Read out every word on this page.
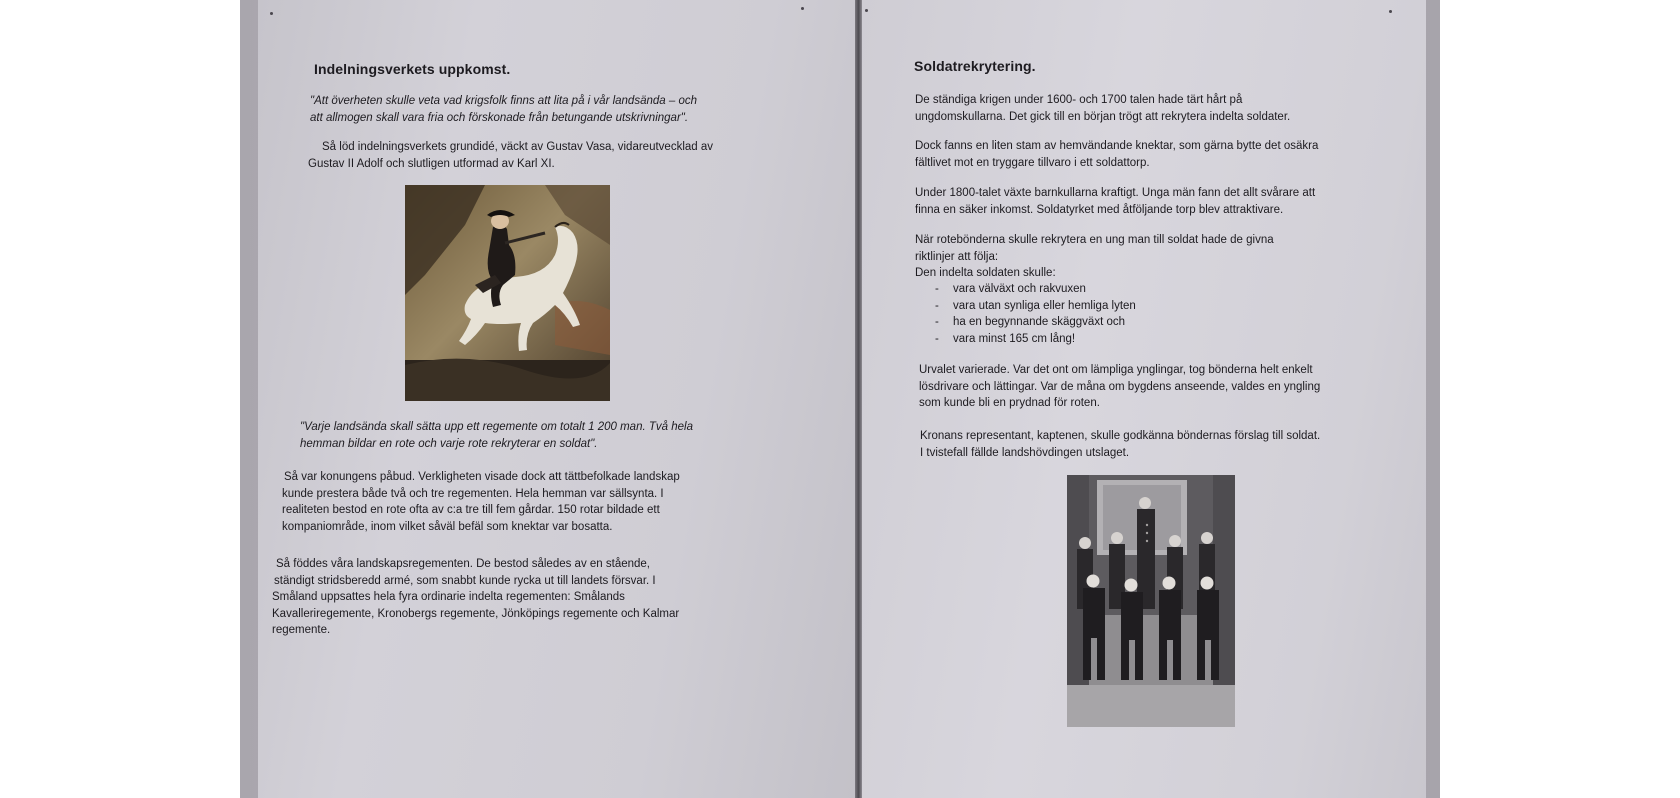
Indelningsverkets uppkomst.
"Att överheten skulle veta vad krigsfolk finns att lita på i vår landsända – och
att allmogen skall vara fria och förskonade från betungande utskrivningar".
Så löd indelningsverkets grundidé, väckt av Gustav Vasa, vidareutvecklad av
Gustav II Adolf och slutligen utformad av Karl XI.
"Varje landsända skall sätta upp ett regemente om totalt 1 200 man. Två hela
hemman bildar en rote och varje rote rekryterar en soldat".
Så var konungens påbud. Verkligheten visade dock att tättbefolkade landskap
kunde prestera både två och tre regementen. Hela hemman var sällsynta. I
realiteten bestod en rote ofta av c:a tre till fem gårdar. 150 rotar bildade ett
kompaniområde, inom vilket såväl befäl som knektar var bosatta.
Så föddes våra landskapsregementen. De bestod således av en stående,
ständigt stridsberedd armé, som snabbt kunde rycka ut till landets försvar. I
Småland uppsattes hela fyra ordinarie indelta regementen: Smålands
Kavalleriregemente, Kronobergs regemente, Jönköpings regemente och Kalmar
regemente.
Soldatrekrytering.
De ständiga krigen under 1600- och 1700 talen hade tärt hårt på
ungdomskullarna. Det gick till en början trögt att rekrytera indelta soldater.
Dock fanns en liten stam av hemvändande knektar, som gärna bytte det osäkra
fältlivet mot en tryggare tillvaro i ett soldattorp.
Under 1800-talet växte barnkullarna kraftigt. Unga män fann det allt svårare att
finna en säker inkomst. Soldatyrket med åtföljande torp blev attraktivare.
När rotebönderna skulle rekrytera en ung man till soldat hade de givna
riktlinjer att följa:
Den indelta soldaten skulle:
- vara välväxt och rakvuxen
- vara utan synliga eller hemliga lyten
- ha en begynnande skäggväxt och
- vara minst 165 cm lång!
Urvalet varierade. Var det ont om lämpliga ynglingar, tog bönderna helt enkelt
lösdrivare och lättingar. Var de måna om bygdens anseende, valdes en yngling
som kunde bli en prydnad för roten.
Kronans representant, kaptenen, skulle godkänna böndernas förslag till soldat.
I tvistefall fällde landshövdingen utslaget.
